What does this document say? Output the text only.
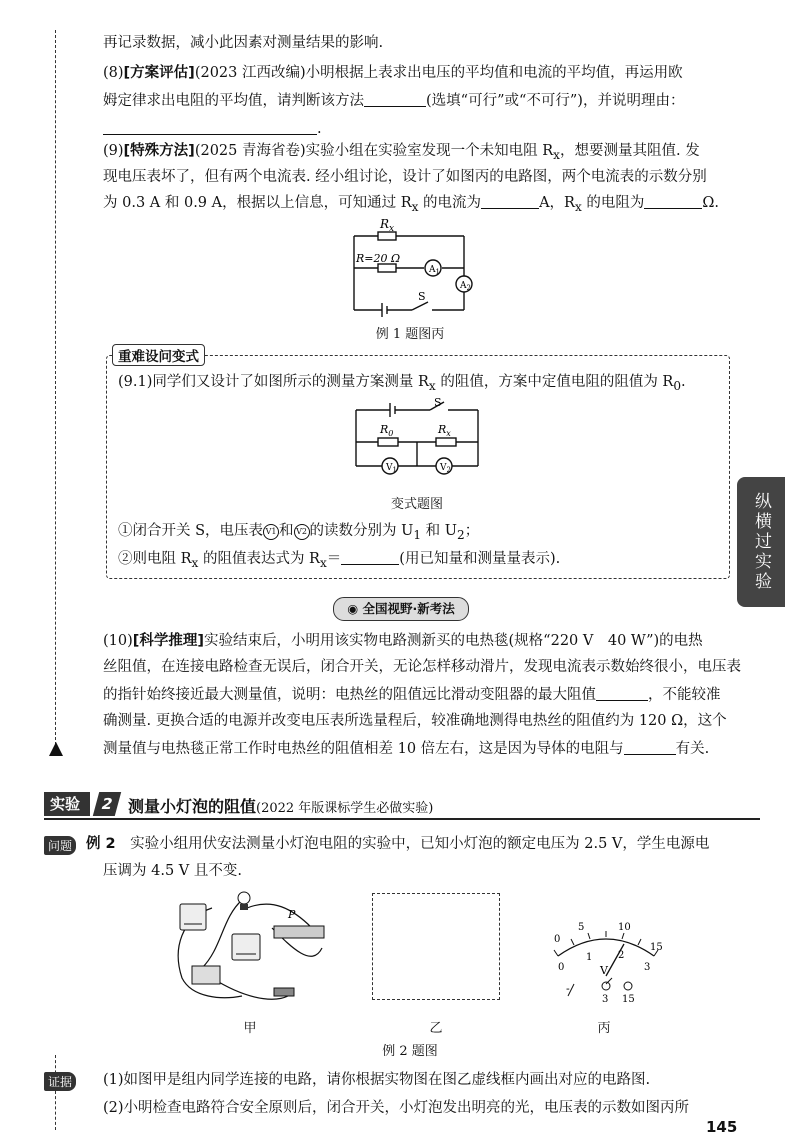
再记录数据，减小此因素对测量结果的影响.
(8)[方案评估](2023 江西改编)小明根据上表求出电压的平均值和电流的平均值，再运用欧
姆定律求出电阻的平均值，请判断该方法	(选填“可行”或“不可行”)，并说明理由：
.
(9)[特殊方法](2025 青海省卷)实验小组在实验室发现一个未知电阻 $R_x$，想要测量其阻值. 发
现电压表坏了，但有两个电流表. 经小组讨论，设计了如图丙的电路图，两个电流表的示数分别
为 0.3 A 和 0.9 A，根据以上信息，可知通过 $R_x$ 的电流为	A，$R_x$ 的电阻为	Ω.
$R_x$
R=20 Ω
$A_1$
$A_2$
S
例 1 题图丙
重难设问变式
(9.1)同学们又设计了如图所示的测量方案测量 $R_x$ 的阻值，方案中定值电阻的阻值为 $R_0$.
S
$R_0$	$R_x$
$V_1$	$V_2$
变式题图
①闭合开关 S，电压表 V1 和 V2 的读数分别为 $U_1$ 和 $U_2$；
②则电阻 $R_x$ 的阻值表达式为 $R_x=$	(用已知量和测量量表示).	纵横过实验
◉ 全国视野·新考法
(10)[科学推理]实验结束后，小明用该实物电路测新买的电热毯(规格“220 V　40 W”)的电热
丝阻值，在连接电路检查无误后，闭合开关，无论怎样移动滑片，发现电流表示数始终很小，电压表
的指针始终接近最大测量值，说明：电热丝的阻值远比滑动变阻器的最大阻值	，不能较准
确测量. 更换合适的电源并改变电压表所选量程后，较准确地测得电热丝的阻值约为 120 Ω，这个
测量值与电热毯正常工作时电热丝的阻值相差 10 倍左右，这是因为导体的电阻与	有关.
实验	2 测量小灯泡的阻值(2022 年版课标学生必做实验)
问题 例 2　 实验小组用伏安法测量小灯泡电阻的实验中，已知小灯泡的额定电压为 2.5 V，学生电源电
压调为 4.5 V 且不变.
P
5	10
0
15
1	2
0	3
V
-
3 15
甲	乙	丙
例 2 题图
证据 (1)如图甲是组内同学连接的电路，请你根据实物图在图乙虚线框内画出对应的电路图.
(2)小明检查电路符合安全原则后，闭合开关，小灯泡发出明亮的光，电压表的示数如图丙所
145
